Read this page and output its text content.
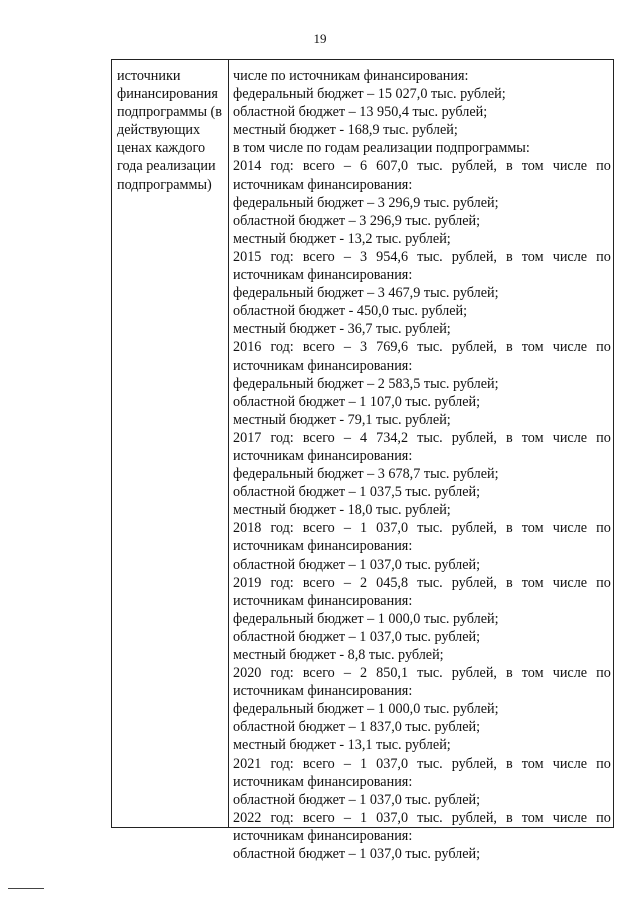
19
источники
финансирования
подпрограммы (в
действующих
ценах каждого
года реализации
подпрограммы)
числе по источникам финансирования:
федеральный бюджет – 15 027,0 тыс. рублей;
областной бюджет – 13 950,4 тыс. рублей;
местный бюджет - 168,9 тыс. рублей;
в том числе по годам реализации подпрограммы:
2014 год: всего – 6 607,0 тыс. рублей, в том числе по
источникам финансирования:
федеральный бюджет – 3 296,9 тыс. рублей;
областной бюджет – 3 296,9 тыс. рублей;
местный бюджет - 13,2 тыс. рублей;
2015 год: всего – 3 954,6 тыс. рублей, в том числе по
источникам финансирования:
федеральный бюджет – 3 467,9 тыс. рублей;
областной бюджет - 450,0 тыс. рублей;
местный бюджет - 36,7 тыс. рублей;
2016 год: всего – 3 769,6 тыс. рублей, в том числе по
источникам финансирования:
федеральный бюджет – 2 583,5 тыс. рублей;
областной бюджет – 1 107,0 тыс. рублей;
местный бюджет - 79,1 тыс. рублей;
2017 год: всего – 4 734,2 тыс. рублей, в том числе по
источникам финансирования:
федеральный бюджет – 3 678,7 тыс. рублей;
областной бюджет – 1 037,5 тыс. рублей;
местный бюджет - 18,0 тыс. рублей;
2018 год: всего – 1 037,0 тыс. рублей, в том числе по
источникам финансирования:
областной бюджет – 1 037,0 тыс. рублей;
2019 год: всего – 2 045,8 тыс. рублей, в том числе по
источникам финансирования:
федеральный бюджет – 1 000,0 тыс. рублей;
областной бюджет – 1 037,0 тыс. рублей;
местный бюджет - 8,8 тыс. рублей;
2020 год: всего – 2 850,1 тыс. рублей, в том числе по
источникам финансирования:
федеральный бюджет – 1 000,0 тыс. рублей;
областной бюджет – 1 837,0 тыс. рублей;
местный бюджет - 13,1 тыс. рублей;
2021 год: всего – 1 037,0 тыс. рублей, в том числе по
источникам финансирования:
областной бюджет – 1 037,0 тыс. рублей;
2022 год: всего – 1 037,0 тыс. рублей, в том числе по
источникам финансирования:
областной бюджет – 1 037,0 тыс. рублей;
